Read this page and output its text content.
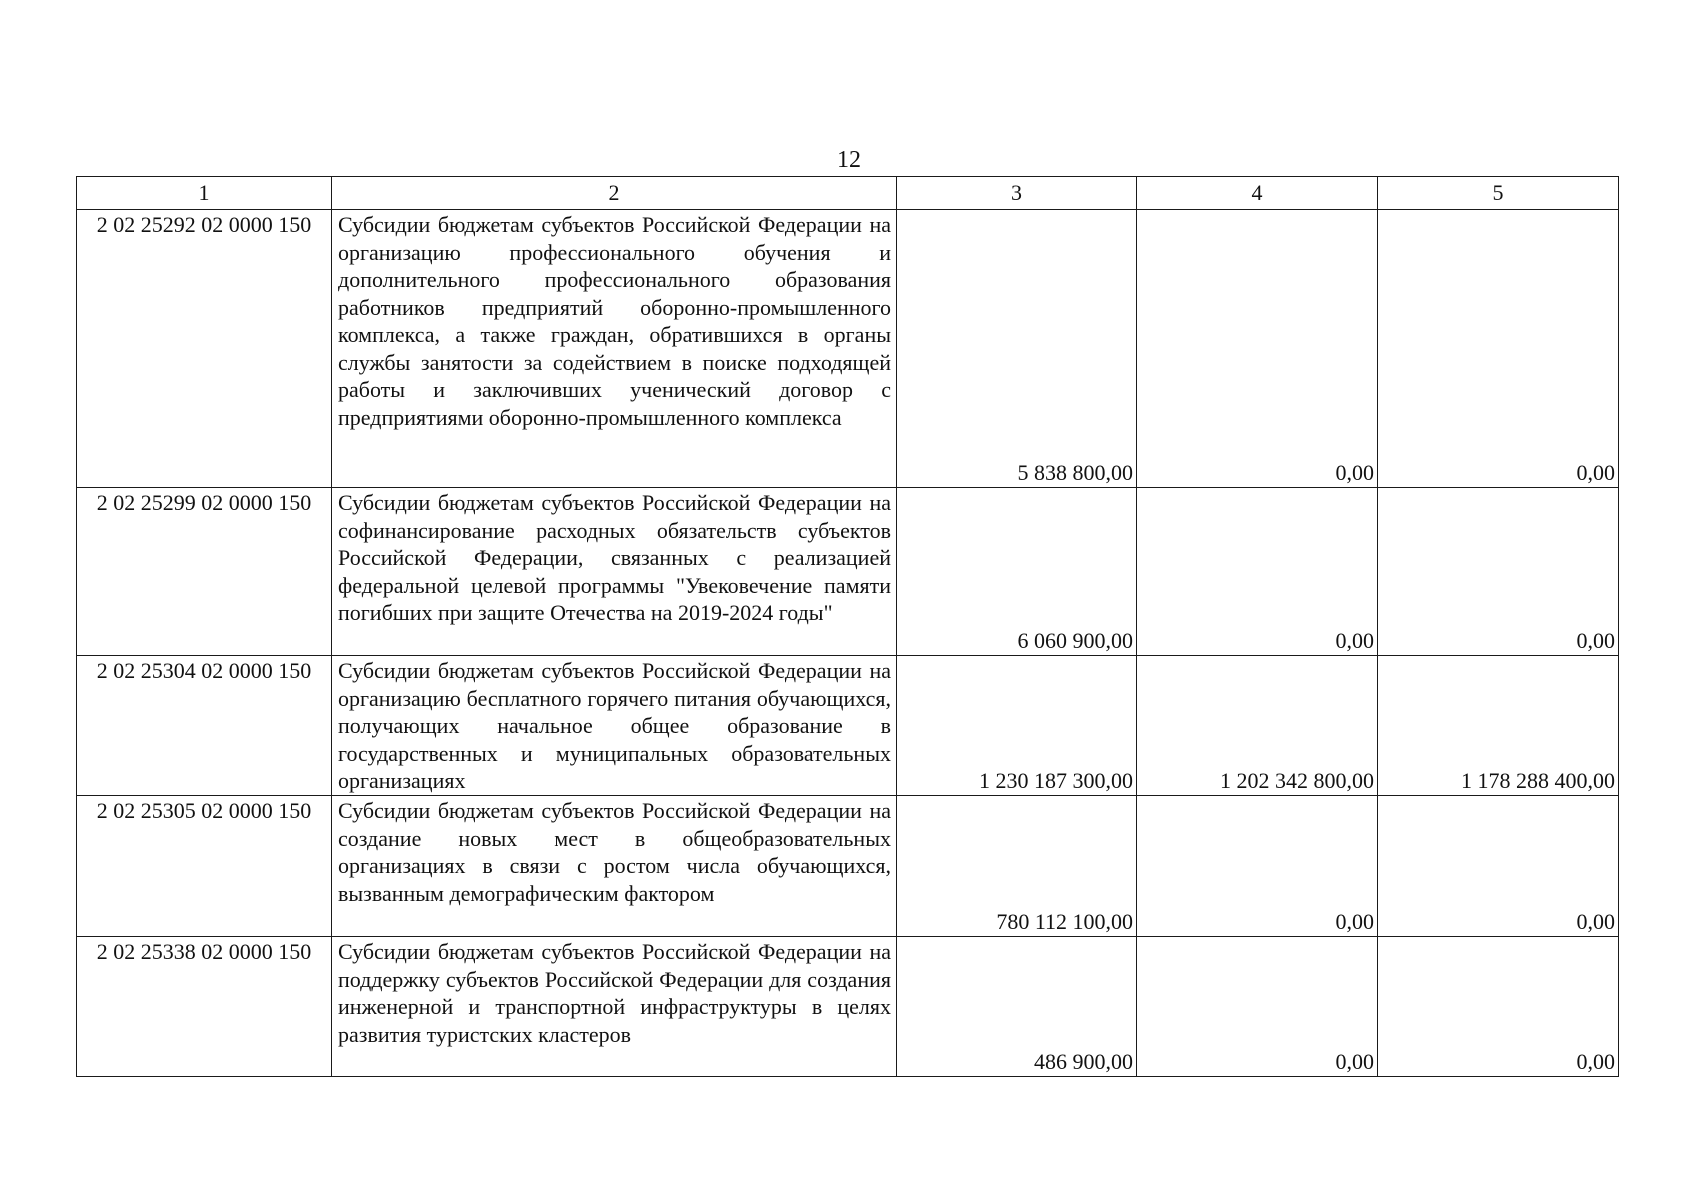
12
1	2	3	4	5
2 02 25292 02 0000 150	Субсидии бюджетам субъектов Российской Федерации на организацию профессионального обучения и дополнительного профессионального образования работников предприятий оборонно-промышленного комплекса, а также граждан, обратившихся в органы службы занятости за содействием в поиске подходящей работы и заключивших ученический договор с предприятиями оборонно-промышленного комплекса	5 838 800,00	0,00	0,00
2 02 25299 02 0000 150	Субсидии бюджетам субъектов Российской Федерации на софинансирование расходных обязательств субъектов Российской Федерации, связанных с реализацией федеральной целевой программы "Увековечение памяти погибших при защите Отечества на 2019-2024 годы"	6 060 900,00	0,00	0,00
2 02 25304 02 0000 150	Субсидии бюджетам субъектов Российской Федерации на организацию бесплатного горячего питания обучающихся, получающих начальное общее образование в государственных и муниципальных образовательных организациях	1 230 187 300,00	1 202 342 800,00	1 178 288 400,00
2 02 25305 02 0000 150	Субсидии бюджетам субъектов Российской Федерации на создание новых мест в общеобразовательных организациях в связи с ростом числа обучающихся, вызванным демографическим фактором	780 112 100,00	0,00	0,00
2 02 25338 02 0000 150	Субсидии бюджетам субъектов Российской Федерации на поддержку субъектов Российской Федерации для создания инженерной и транспортной инфраструктуры в целях развития туристских кластеров	486 900,00	0,00	0,00
